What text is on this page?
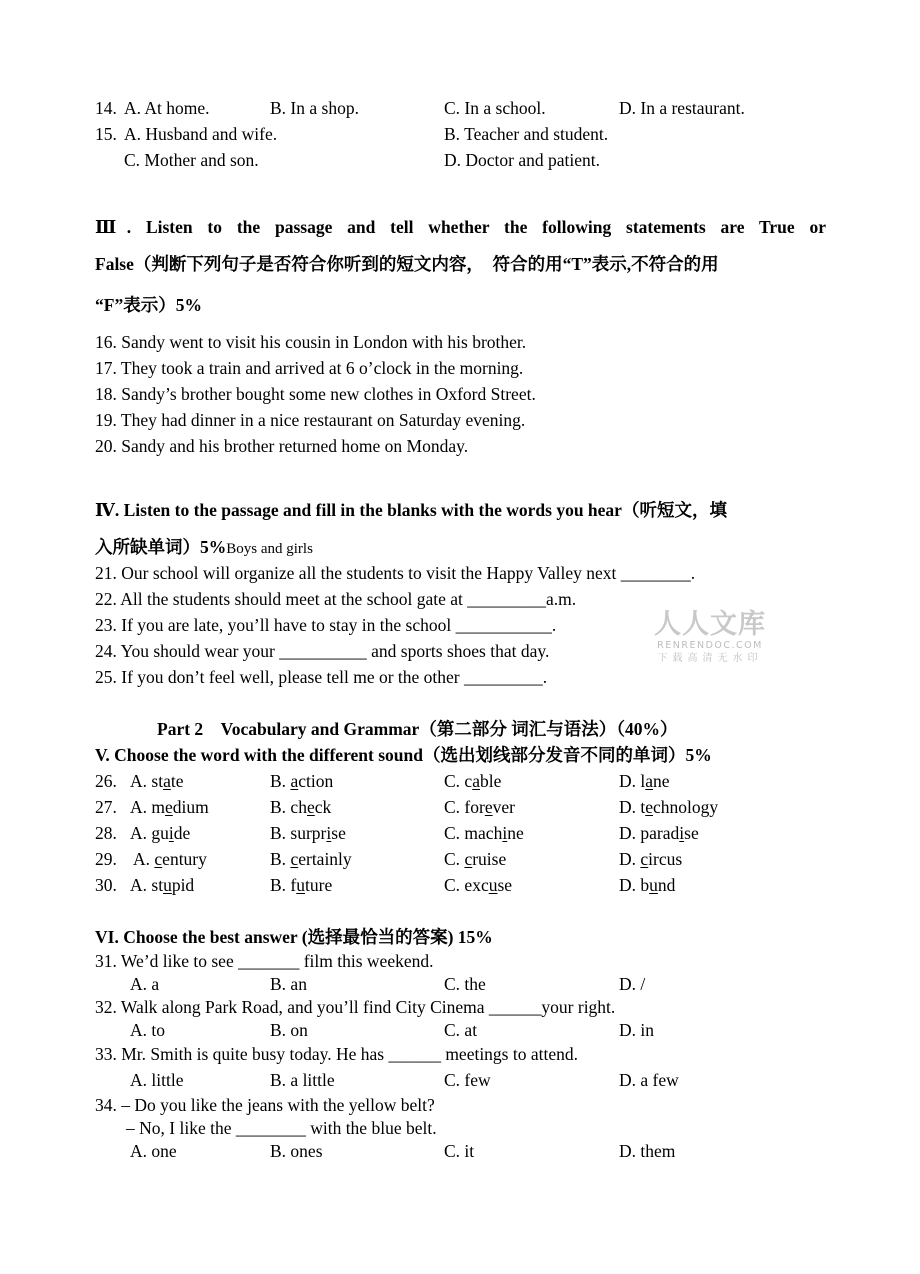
14. A. At home.	B. In a shop.	C. In a school.	D. In a restaurant.
15. A. Husband and wife.	B. Teacher and student.
C. Mother and son.	D. Doctor and patient.
Ⅲ. Listen to the passage and tell whether the following statements are True or
False（判断下列句子是否符合你听到的短文内容，　符合的用“T”表示,不符合的用
“F”表示）5%
16. Sandy went to visit his cousin in London with his brother.
17. They took a train and arrived at 6 o’clock in the morning.
18. Sandy’s brother bought some new clothes in Oxford Street.
19. They had dinner in a nice restaurant on Saturday evening.
20. Sandy and his brother returned home on Monday.
Ⅳ. Listen to the passage and fill in the blanks with the words you hear（听短文，填
入所缺单词）5%Boys and girls
21. Our school will organize all the students to visit the Happy Valley next ________.
22. All the students should meet at the school gate at _________a.m.
23. If you are late, you’ll have to stay in the school ___________.
24. You should wear your __________ and sports shoes that day.
25. If you don’t feel well, please tell me or the other _________.
人人文库
RENRENDOC.COM
下载高清无水印
Part 2　Vocabulary and Grammar（第二部分 词汇与语法）（40%）
V. Choose the word with the different sound（选出划线部分发音不同的单词）5%
26. A. state	B. action	C. cable	D. lane
27. A. medium	B. check	C. forever	D. technology
28. A. guide	B. surprise	C. machine	D. paradise
29. A. century	B. certainly	C. cruise	D. circus
30. A. stupid	B. future	C. excuse	D. bund
VI. Choose the best answer (选择最恰当的答案) 15%
31. We’d like to see _______ film this weekend.
A. a	B. an	C. the	D. /
32. Walk along Park Road, and you’ll find City Cinema ______your right.
A. to	B. on	C. at	D. in
33. Mr. Smith is quite busy today. He has ______ meetings to attend.
A. little	B. a little	C. few	D. a few
34. – Do you like the jeans with the yellow belt?
– No, I like the ________ with the blue belt.
A. one	B. ones	C. it	D. them
